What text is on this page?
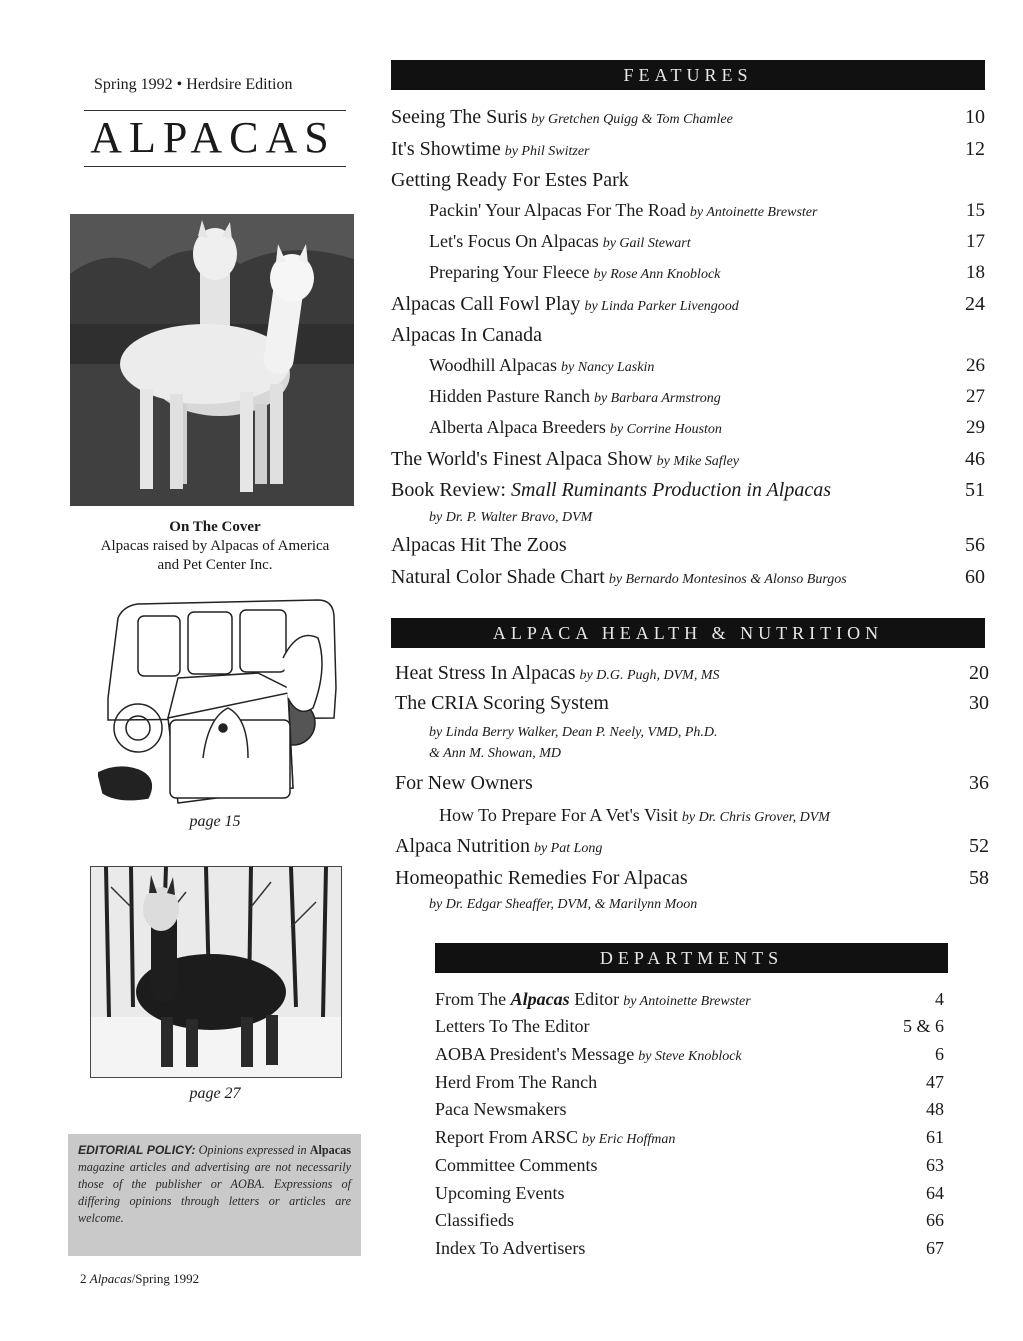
Spring 1992 • Herdsire Edition
ALPACAS
On The Cover
Alpacas raised by Alpacas of America
and Pet Center Inc.
page 15
page 27
EDITORIAL POLICY: Opinions expressed in Alpacas magazine articles and advertising are not necessarily those of the publisher or AOBA. Expressions of differing opinions through letters or articles are welcome.
2 Alpacas/Spring 1992
FEATURES
Seeing The Suris by Gretchen Quigg & Tom Chamlee	10
It's Showtime by Phil Switzer	12
Getting Ready For Estes Park
Packin' Your Alpacas For The Road by Antoinette Brewster	15
Let's Focus On Alpacas by Gail Stewart	17
Preparing Your Fleece by Rose Ann Knoblock	18
Alpacas Call Fowl Play by Linda Parker Livengood	24
Alpacas In Canada
Woodhill Alpacas by Nancy Laskin	26
Hidden Pasture Ranch by Barbara Armstrong	27
Alberta Alpaca Breeders by Corrine Houston	29
The World's Finest Alpaca Show by Mike Safley	46
Book Review: Small Ruminants Production in Alpacas	51
by Dr. P. Walter Bravo, DVM
Alpacas Hit The Zoos	56
Natural Color Shade Chart by Bernardo Montesinos & Alonso Burgos	60
ALPACA HEALTH & NUTRITION
Heat Stress In Alpacas by D.G. Pugh, DVM, MS	20
The CRIA Scoring System	30
by Linda Berry Walker, Dean P. Neely, VMD, Ph.D.
& Ann M. Showan, MD
For New Owners	36
How To Prepare For A Vet's Visit by Dr. Chris Grover, DVM
Alpaca Nutrition by Pat Long	52
Homeopathic Remedies For Alpacas	58
by Dr. Edgar Sheaffer, DVM, & Marilynn Moon
DEPARTMENTS
From The Alpacas Editor by Antoinette Brewster	4
Letters To The Editor	5 & 6
AOBA President's Message by Steve Knoblock	6
Herd From The Ranch	47
Paca Newsmakers	48
Report From ARSC by Eric Hoffman	61
Committee Comments	63
Upcoming Events	64
Classifieds	66
Index To Advertisers	67
